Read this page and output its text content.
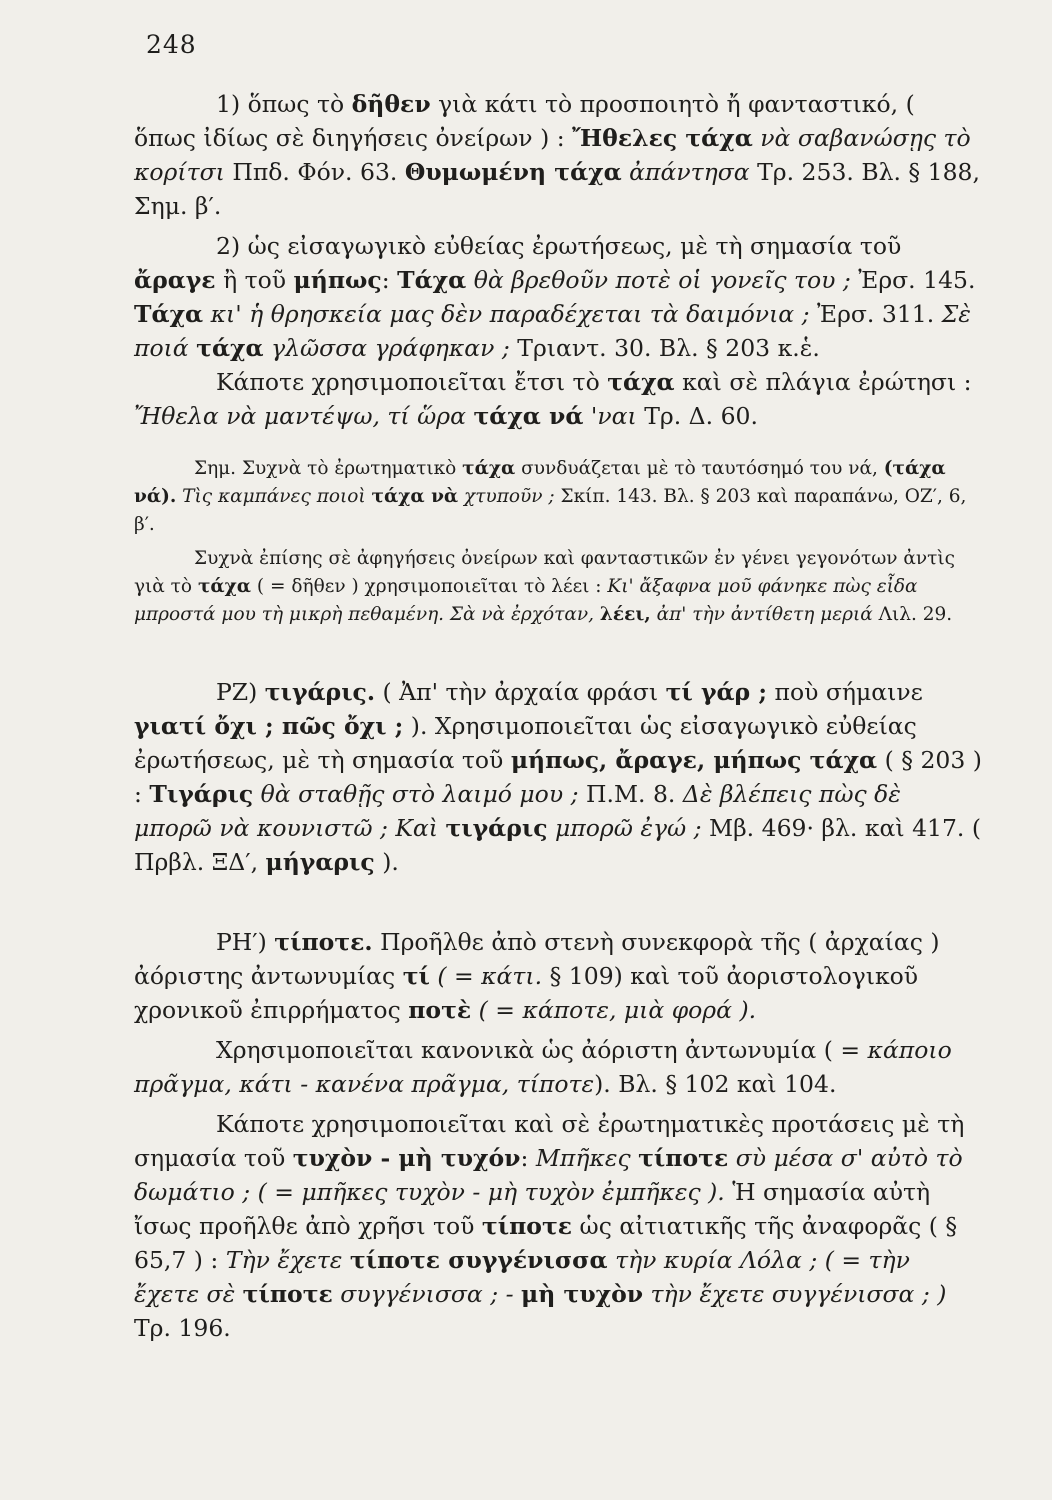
248

1) ὅπως τὸ δῆθεν γιὰ κάτι τὸ προσποιητὸ ἤ φανταστικό, ( ὅπως ἰδίως σὲ διηγήσεις ὀνείρων ) : Ἤθελες τάχα νὰ σαβανώσῃς τὸ κορίτσι Ππδ. Φόν. 63. Θυμωμένη τάχα ἀπάντησα Τρ. 253. Βλ. § 188, Σημ. β′.

2) ὡς εἰσαγωγικὸ εὐθείας ἐρωτήσεως, μὲ τὴ σημασία τοῦ ἄραγε ἢ τοῦ μήπως: Τάχα θὰ βρεθοῦν ποτὲ οἱ γονεῖς του ; Ἐρσ. 145. Τάχα κι' ἡ θρησκεία μας δὲν παραδέχεται τὰ δαιμόνια ; Ἐρσ. 311. Σὲ ποιά τάχα γλῶσσα γράφηκαν ; Τριαντ. 30. Βλ. § 203 κ.ἑ.

Κάποτε χρησιμοποιεῖται ἔτσι τὸ τάχα καὶ σὲ πλάγια ἐρώτησι : Ἤθελα νὰ μαντέψω, τί ὥρα τάχα νά 'ναι Τρ. Δ. 60.

Σημ. Συχνὰ τὸ ἐρωτηματικὸ τάχα συνδυάζεται μὲ τὸ ταυτόσημό του νά, (τάχα νά). Τὶς καμπάνες ποιοὶ τάχα νὰ χτυποῦν ; Σκίπ. 143. Βλ. § 203 καὶ παραπάνω, ΟΖ′, 6, β′.

Συχνὰ ἐπίσης σὲ ἀφηγήσεις ὀνείρων καὶ φανταστικῶν ἐν γένει γεγονότων ἀντὶς γιὰ τὸ τάχα ( = δῆθεν ) χρησιμοποιεῖται τὸ λέει : Κι' ἄξαφνα μοῦ φάνηκε πὼς εἶδα μπροστά μου τὴ μικρὴ πεθαμένη. Σὰ νὰ ἐρχόταν, λέει, ἀπ' τὴν ἀντίθετη μεριά Λιλ. 29.

ΡΖ) τιγάρις. ( Ἀπ' τὴν ἀρχαία φράσι τί γάρ ; ποὺ σήμαινε γιατί ὄχι ; πῶς ὄχι ; ). Χρησιμοποιεῖται ὡς εἰσαγωγικὸ εὐθείας ἐρωτήσεως, μὲ τὴ σημασία τοῦ μήπως, ἄραγε, μήπως τάχα ( § 203 ) : Τιγάρις θὰ σταθῇς στὸ λαιμό μου ; Π.Μ. 8. Δὲ βλέπεις πὼς δὲ μπορῶ νὰ κουνιστῶ ; Καὶ τιγάρις μπορῶ ἐγώ ; Μβ. 469· βλ. καὶ 417. ( Πρβλ. ΞΔ′, μήγαρις ).

ΡΗ′) τίποτε. Προῆλθε ἀπὸ στενὴ συνεκφορὰ τῆς ( ἀρχαίας ) ἀόριστης ἀντωνυμίας τί ( = κάτι. § 109) καὶ τοῦ ἀοριστολογικοῦ χρονικοῦ ἐπιρρήματος ποτὲ ( = κάποτε, μιὰ φορά ).

Χρησιμοποιεῖται κανονικὰ ὡς ἀόριστη ἀντωνυμία ( = κάποιο πρᾶγμα, κάτι - κανένα πρᾶγμα, τίποτε). Βλ. § 102 καὶ 104.

Κάποτε χρησιμοποιεῖται καὶ σὲ ἐρωτηματικὲς προτάσεις μὲ τὴ σημασία τοῦ τυχὸν - μὴ τυχόν: Μπῆκες τίποτε σὺ μέσα σ' αὐτὸ τὸ δωμάτιο ; ( = μπῆκες τυχὸν - μὴ τυχὸν ἐμπῆκες ). Ἡ σημασία αὐτὴ ἴσως προῆλθε ἀπὸ χρῆσι τοῦ τίποτε ὡς αἰτιατικῆς τῆς ἀναφορᾶς ( § 65,7 ) : Τὴν ἔχετε τίποτε συγγένισσα τὴν κυρία Λόλα ; ( = τὴν ἔχετε σὲ τίποτε συγγένισσα ; - μὴ τυχὸν τὴν ἔχετε συγγένισσα ; ) Τρ. 196.
